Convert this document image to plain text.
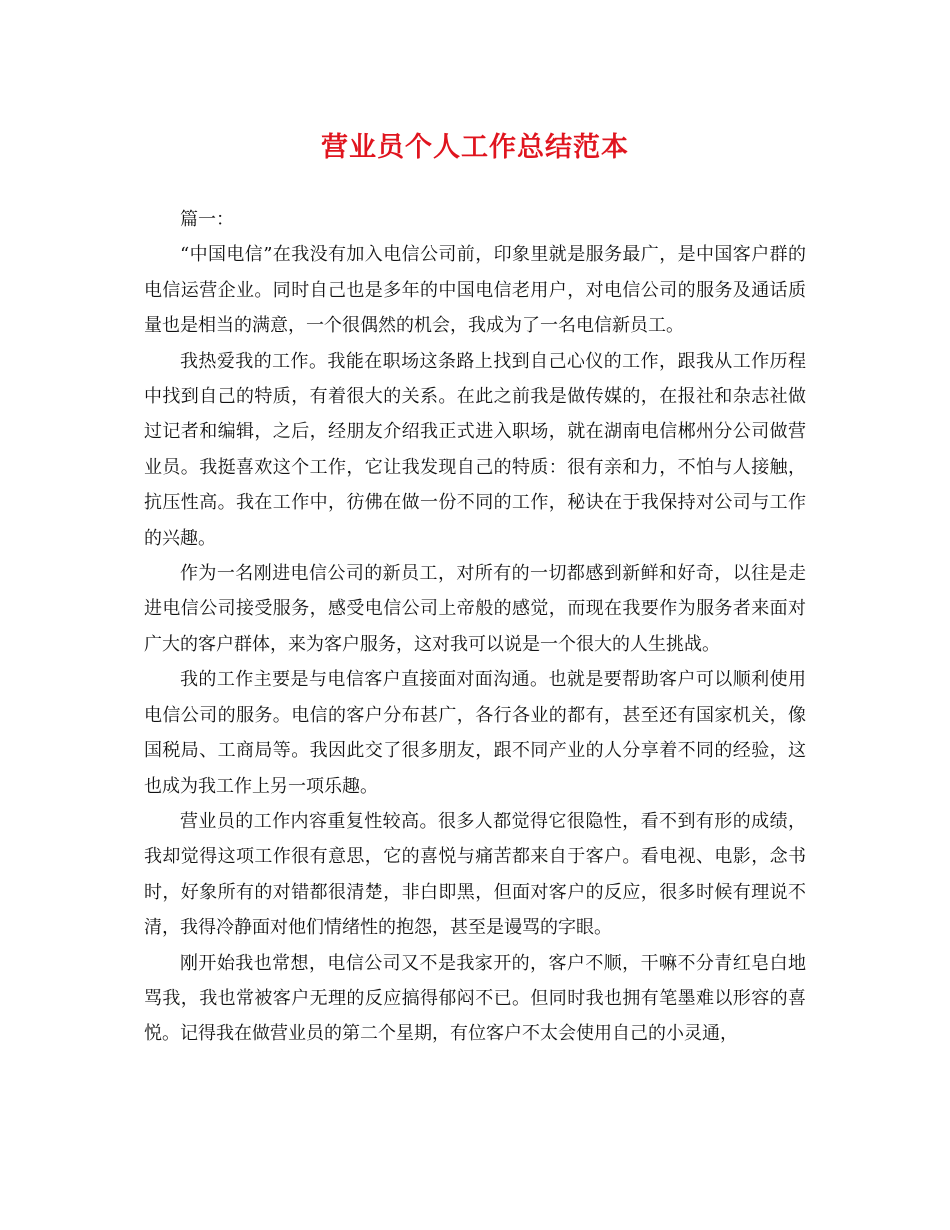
营业员个人工作总结范本

篇一：

“中国电信”在我没有加入电信公司前，印象里就是服务最广，是中国客户群的电信运营企业。同时自己也是多年的中国电信老用户，对电信公司的服务及通话质量也是相当的满意，一个很偶然的机会，我成为了一名电信新员工。

我热爱我的工作。我能在职场这条路上找到自己心仪的工作，跟我从工作历程中找到自己的特质，有着很大的关系。在此之前我是做传媒的，在报社和杂志社做过记者和编辑，之后，经朋友介绍我正式进入职场，就在湖南电信郴州分公司做营业员。我挺喜欢这个工作，它让我发现自己的特质：很有亲和力，不怕与人接触，抗压性高。我在工作中，彷佛在做一份不同的工作，秘诀在于我保持对公司与工作的兴趣。

作为一名刚进电信公司的新员工，对所有的一切都感到新鲜和好奇，以往是走进电信公司接受服务，感受电信公司上帝般的感觉，而现在我要作为服务者来面对广大的客户群体，来为客户服务，这对我可以说是一个很大的人生挑战。

我的工作主要是与电信客户直接面对面沟通。也就是要帮助客户可以顺利使用电信公司的服务。电信的客户分布甚广，各行各业的都有，甚至还有国家机关，像国税局、工商局等。我因此交了很多朋友，跟不同产业的人分享着不同的经验，这也成为我工作上另一项乐趣。

营业员的工作内容重复性较高。很多人都觉得它很隐性，看不到有形的成绩，我却觉得这项工作很有意思，它的喜悦与痛苦都来自于客户。看电视、电影，念书时，好象所有的对错都很清楚，非白即黑，但面对客户的反应，很多时候有理说不清，我得冷静面对他们情绪性的抱怨，甚至是谩骂的字眼。

刚开始我也常想，电信公司又不是我家开的，客户不顺，干嘛不分青红皂白地骂我，我也常被客户无理的反应搞得郁闷不已。但同时我也拥有笔墨难以形容的喜悦。记得我在做营业员的第二个星期，有位客户不太会使用自己的小灵通，
